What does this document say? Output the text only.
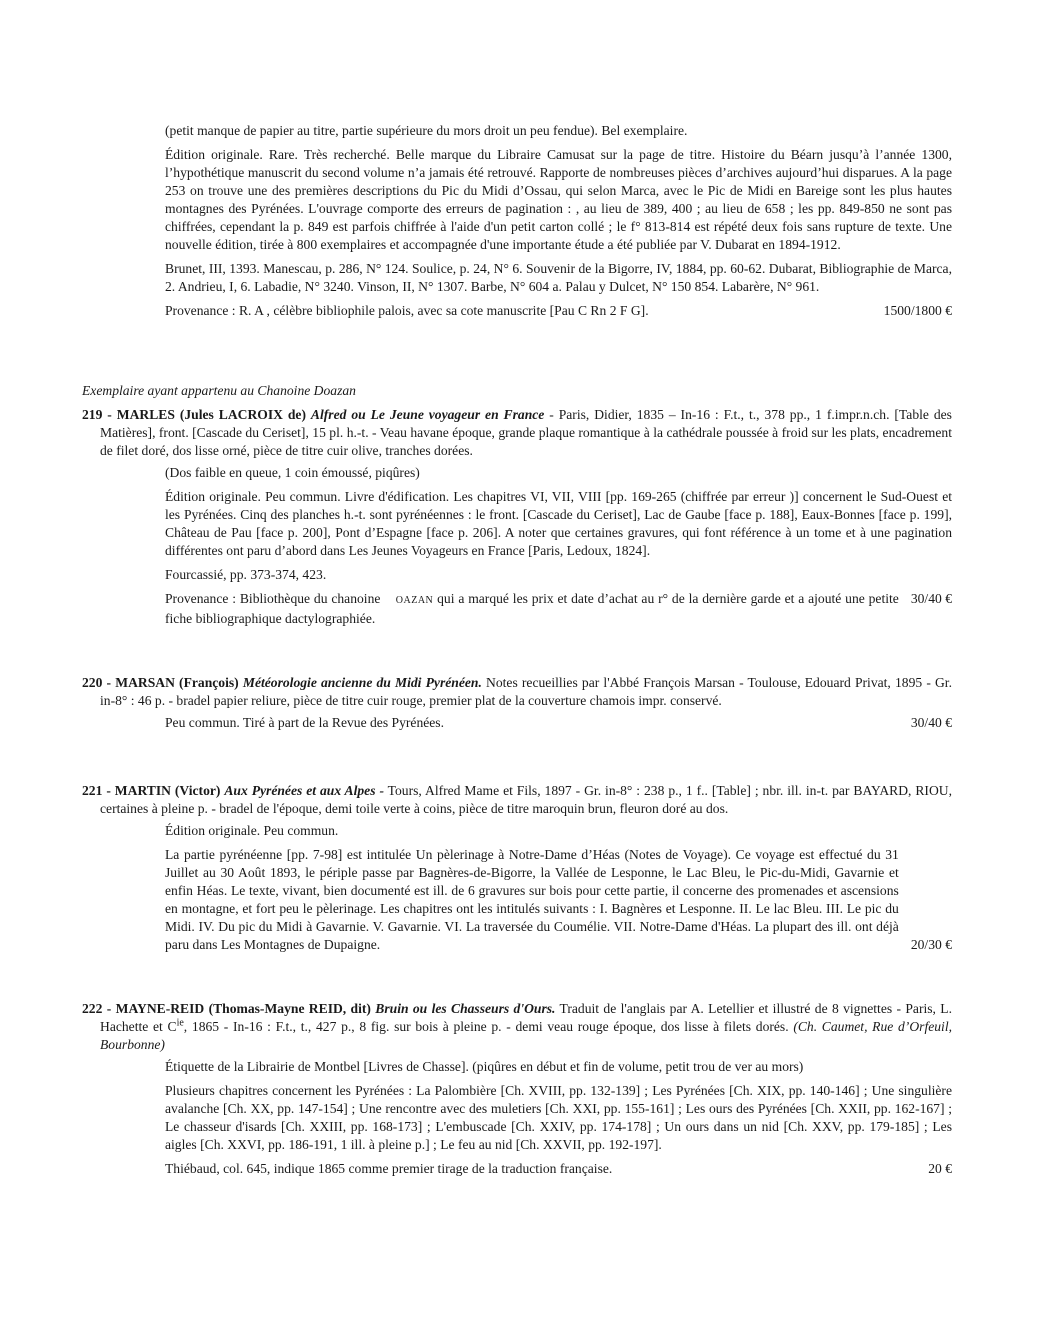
(petit manque de papier au titre, partie supérieure du mors droit un peu fendue). Bel exemplaire.

Édition originale. Rare. Très recherché. Belle marque du Libraire Camusat sur la page de titre. Histoire du Béarn jusqu’à l’année 1300, l’hypothétique manuscrit du second volume n’a jamais été retrouvé. Rapporte de nombreuses pièces d’archives aujourd’hui disparues. A la page 253 on trouve une des premières descriptions du Pic du Midi d’Ossau, qui selon Marca, avec le Pic de Midi en Bareige sont les plus hautes montagnes des Pyrénées. L'ouvrage comporte des erreurs de pagination : , au lieu de 389, 400 ; au lieu de 658 ; les pp. 849-850 ne sont pas chiffrées, cependant la p. 849 est parfois chiffrée à l'aide d'un petit carton collé ; le f° 813-814 est répété deux fois sans rupture de texte. Une nouvelle édition, tirée à 800 exemplaires et accompagnée d'une importante étude a été publiée par V. Dubarat en 1894-1912.

Brunet, III, 1393. Manescau, p. 286, N° 124. Soulice, p. 24, N° 6. Souvenir de la Bigorre, IV, 1884, pp. 60-62. Dubarat, Bibliographie de Marca, 2. Andrieu, I, 6. Labadie, N° 3240. Vinson, II, N° 1307. Barbe, N° 604 a. Palau y Dulcet, N° 150 854. Labarère, N° 961.

Provenance : R. A , célèbre bibliophile palois, avec sa cote manuscrite [Pau C Rn 2 F G].	1500/1800 €

Exemplaire ayant appartenu au Chanoine Doazan

219 - MARLES (Jules LACROIX de) Alfred ou Le Jeune voyageur en France - Paris, Didier, 1835 – In-16 : F.t., t., 378 pp., 1 f.impr.n.ch. [Table des Matières], front. [Cascade du Ceriset], 15 pl. h.-t. - Veau havane époque, grande plaque romantique à la cathédrale poussée à froid sur les plats, encadrement de filet doré, dos lisse orné, pièce de titre cuir olive, tranches dorées.

(Dos faible en queue, 1 coin émoussé, piqûres)

Édition originale. Peu commun. Livre d'édification. Les chapitres VI, VII, VIII [pp. 169-265 (chiffrée par erreur )] concernent le Sud-Ouest et les Pyrénées. Cinq des planches h.-t. sont pyrénéennes : le front. [Cascade du Ceriset], Lac de Gaube [face p. 188], Eaux-Bonnes [face p. 199], Château de Pau [face p. 200], Pont d’Espagne [face p. 206]. A noter que certaines gravures, qui font référence à un tome et à une pagination différentes ont paru d’abord dans Les Jeunes Voyageurs en France [Paris, Ledoux, 1824].

Fourcassié, pp. 373-374, 423.

Provenance : Bibliothèque du chanoine OAZAN qui a marqué les prix et date d’achat au r° de la dernière garde et a ajouté une petite fiche bibliographique dactylographiée.
30/40 €

220 - MARSAN (François) Météorologie ancienne du Midi Pyrénéen. Notes recueillies par l'Abbé François Marsan - Toulouse, Edouard Privat, 1895 - Gr. in-8° : 46 p. - bradel papier reliure, pièce de titre cuir rouge, premier plat de la couverture chamois impr. conservé.

Peu commun. Tiré à part de la Revue des Pyrénées.	30/40 €

221 - MARTIN (Victor) Aux Pyrénées et aux Alpes - Tours, Alfred Mame et Fils, 1897 - Gr. in-8° : 238 p., 1 f.. [Table] ; nbr. ill. in-t. par BAYARD, RIOU, certaines à pleine p. - bradel de l'époque, demi toile verte à coins, pièce de titre maroquin brun, fleuron doré au dos.

Édition originale. Peu commun.

La partie pyrénéenne [pp. 7-98] est intitulée Un pèlerinage à Notre-Dame d’Héas (Notes de Voyage). Ce voyage est effectué du 31 Juillet au 30 Août 1893, le périple passe par Bagnères-de-Bigorre, la Vallée de Lesponne, le Lac Bleu, le Pic-du-Midi, Gavarnie et enfin Héas. Le texte, vivant, bien documenté est ill. de 6 gravures sur bois pour cette partie, il concerne des promenades et ascensions en montagne, et fort peu le pèlerinage. Les chapitres ont les intitulés suivants : I. Bagnères et Lesponne. II. Le lac Bleu. III. Le pic du Midi. IV. Du pic du Midi à Gavarnie. V. Gavarnie. VI. La traversée du Coumélie. VII. Notre-Dame d'Héas. La plupart des ill. ont déjà paru dans Les Montagnes de Dupaigne.	20/30 €

222 - MAYNE-REID (Thomas-Mayne REID, dit) Bruin ou les Chasseurs d'Ours. Traduit de l'anglais par A. Letellier et illustré de 8 vignettes - Paris, L. Hachette et $C^{ie}$, 1865 - In-16 : F.t., t., 427 p., 8 fig. sur bois à pleine p. - demi veau rouge époque, dos lisse à filets dorés. (Ch. Caumet, Rue d’Orfeuil, Bourbonne)

Étiquette de la Librairie de Montbel [Livres de Chasse]. (piqûres en début et fin de volume, petit trou de ver au mors)

Plusieurs chapitres concernent les Pyrénées : La Palombière [Ch. XVIII, pp. 132-139] ; Les Pyrénées [Ch. XIX, pp. 140-146] ; Une singulière avalanche [Ch. XX, pp. 147-154] ; Une rencontre avec des muletiers [Ch. XXI, pp. 155-161] ; Les ours des Pyrénées [Ch. XXII, pp. 162-167] ; Le chasseur d'isards [Ch. XXIII, pp. 168-173] ; L'embuscade [Ch. XXIV, pp. 174-178] ; Un ours dans un nid [Ch. XXV, pp. 179-185] ; Les aigles [Ch. XXVI, pp. 186-191, 1 ill. à pleine p.] ; Le feu au nid [Ch. XXVII, pp. 192-197].

Thiébaud, col. 645, indique 1865 comme premier tirage de la traduction française.	20 €
